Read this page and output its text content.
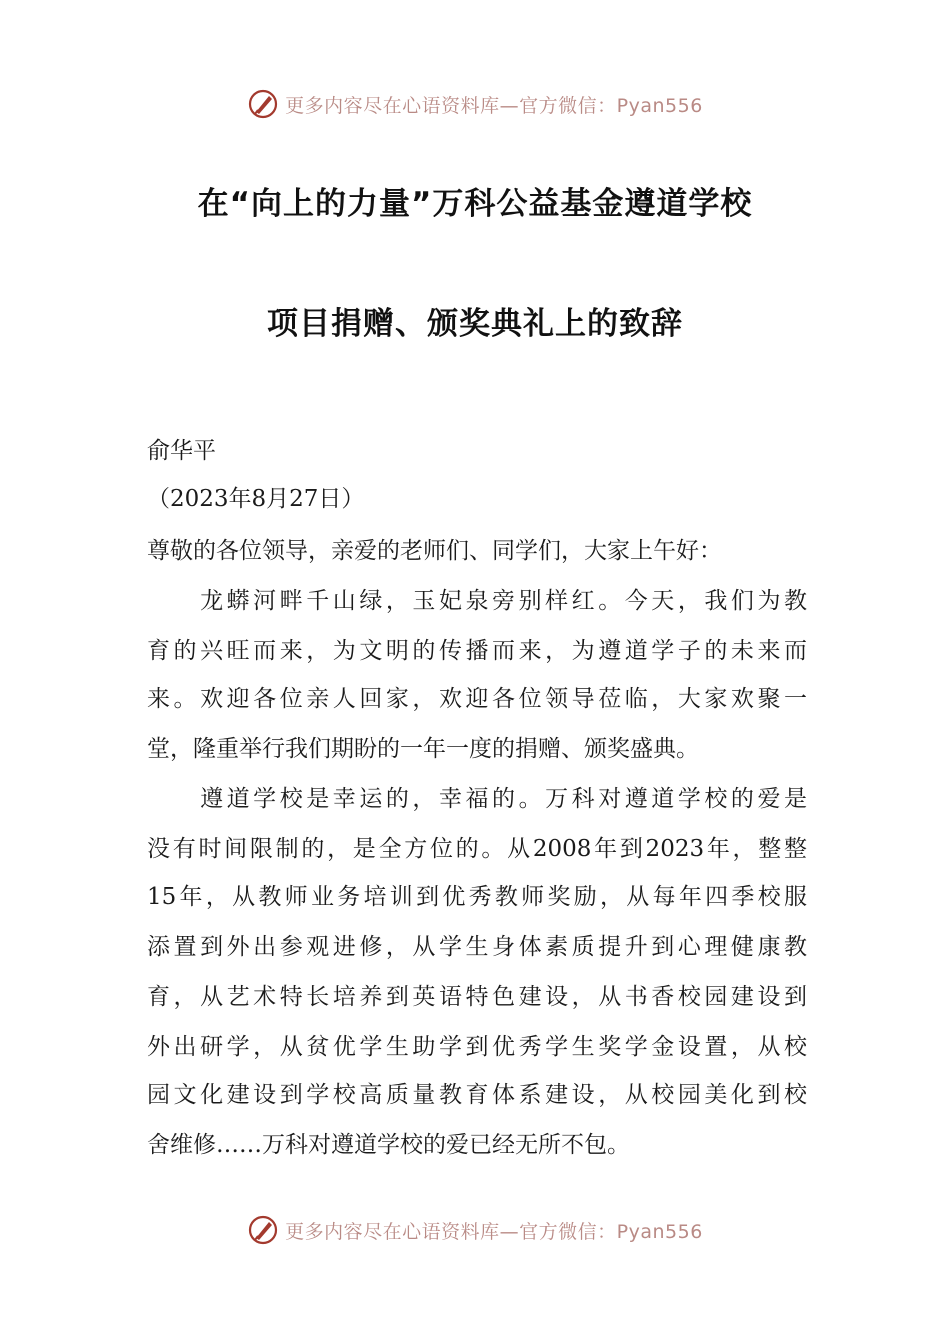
更多内容尽在心语资料库—官方微信：Pyan556
在“向上的力量”万科公益基金遵道学校
项目捐赠、颁奖典礼上的致辞
俞华平
（2023年8月27日）
尊敬的各位领导，亲爱的老师们、同学们，大家上午好：
　　龙蟒河畔千山绿，玉妃泉旁别样红。今天，我们为教
育的兴旺而来，为文明的传播而来，为遵道学子的未来而
来。欢迎各位亲人回家，欢迎各位领导莅临，大家欢聚一
堂，隆重举行我们期盼的一年一度的捐赠、颁奖盛典。
　　遵道学校是幸运的，幸福的。万科对遵道学校的爱是
没有时间限制的，是全方位的。从2008年到2023年，整整
15年，从教师业务培训到优秀教师奖励，从每年四季校服
添置到外出参观进修，从学生身体素质提升到心理健康教
育，从艺术特长培养到英语特色建设，从书香校园建设到
外出研学，从贫优学生助学到优秀学生奖学金设置，从校
园文化建设到学校高质量教育体系建设，从校园美化到校
舍维修……万科对遵道学校的爱已经无所不包。
更多内容尽在心语资料库—官方微信：Pyan556
